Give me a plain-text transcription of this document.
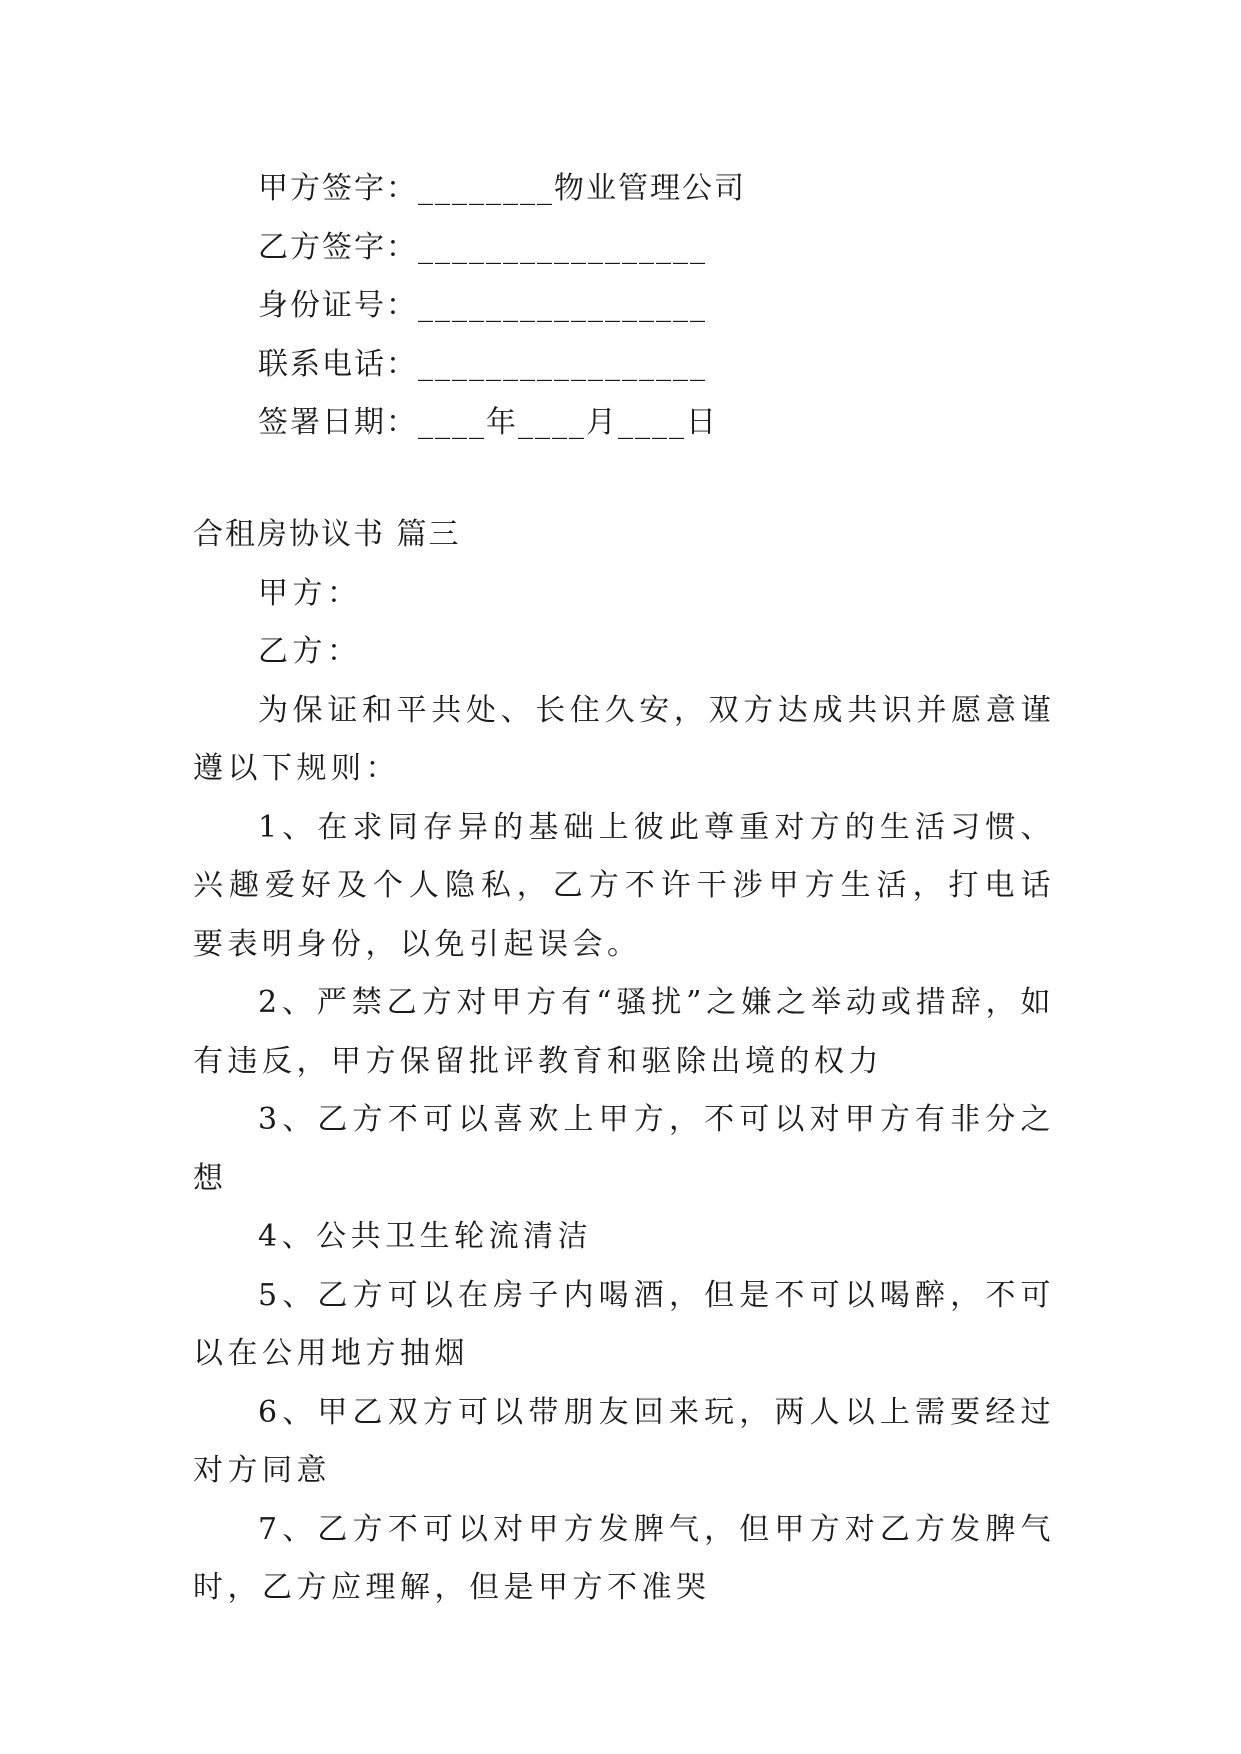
甲方签字：________物业管理公司
乙方签字：_________________
身份证号：_________________
联系电话：_________________
签署日期：____年____月____日
合租房协议书 篇三

甲方：

乙方：

为保证和平共处、长住久安，双方达成共识并愿意谨遵以下规则：

1、在求同存异的基础上彼此尊重对方的生活习惯、兴趣爱好及个人隐私，乙方不许干涉甲方生活，打电话要表明身份，以免引起误会。

2、严禁乙方对甲方有“骚扰”之嫌之举动或措辞，如有违反，甲方保留批评教育和驱除出境的权力

3、乙方不可以喜欢上甲方，不可以对甲方有非分之想

4、公共卫生轮流清洁

5、乙方可以在房子内喝酒，但是不可以喝醉，不可以在公用地方抽烟

6、甲乙双方可以带朋友回来玩，两人以上需要经过对方同意

7、乙方不可以对甲方发脾气，但甲方对乙方发脾气时，乙方应理解，但是甲方不准哭
